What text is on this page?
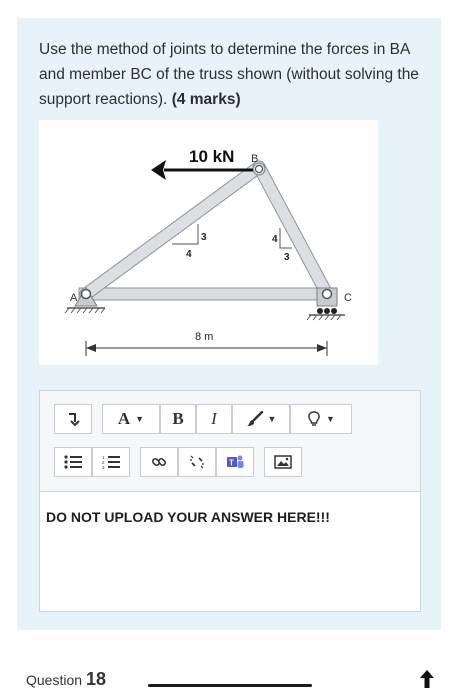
Use the method of joints to determine the forces in BA and member BC of the truss shown (without solving the support reactions). (4 marks)
10 kN B
A	C
3
4
4
3
8 m
A ▼ B I	▼	▼
1
2
3	T
DO NOT UPLOAD YOUR ANSWER HERE!!!
Question 18
